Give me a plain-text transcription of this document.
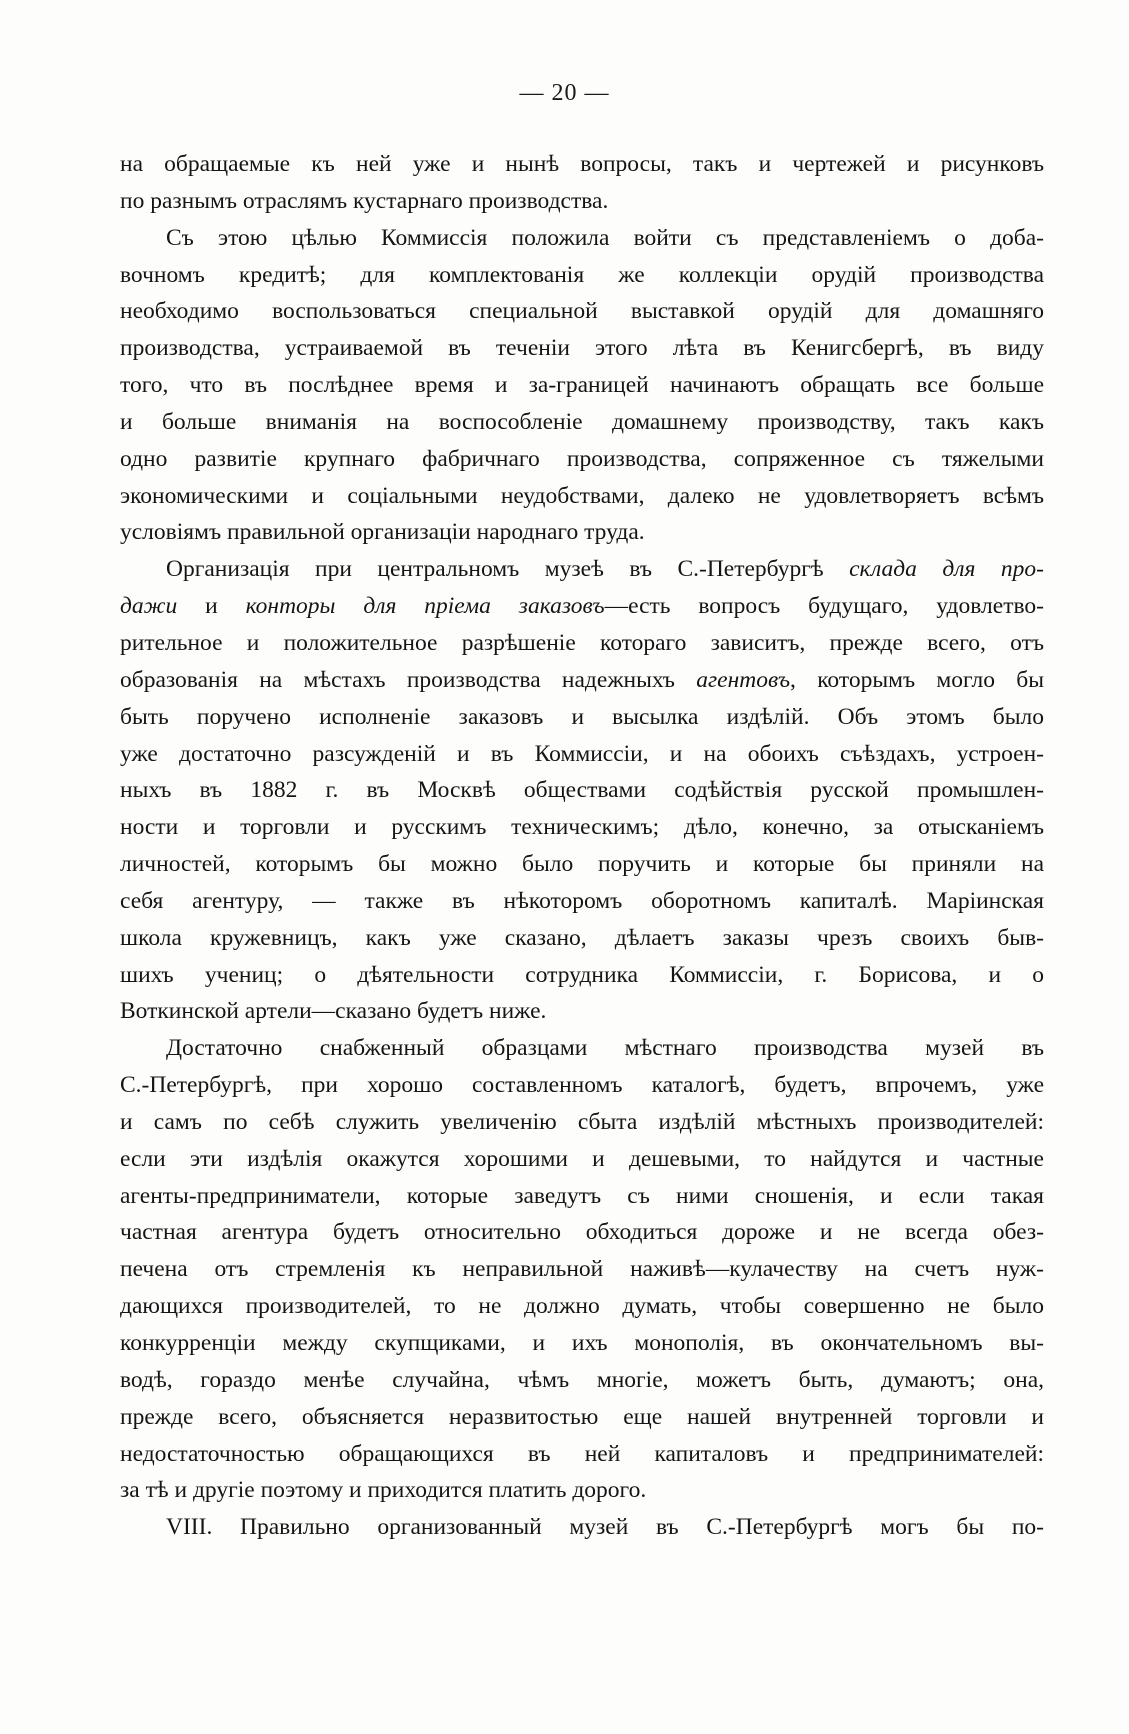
— 20 —
на обращаемые къ ней уже и нынѣ вопросы, такъ и чертежей и рисунковъ
по разнымъ отраслямъ кустарнаго производства.
Съ этою цѣлью Коммиссія положила войти съ представленіемъ о доба-
вочномъ кредитѣ; для комплектованія же коллекціи орудій производства
необходимо воспользоваться специальной выставкой орудій для домашняго
производства, устраиваемой въ теченіи этого лѣта въ Кенигсбергѣ, въ виду
того, что въ послѣднее время и за-границей начинаютъ обращать все больше
и больше вниманія на воспособленіе домашнему производству, такъ какъ
одно развитіе крупнаго фабричнаго производства, сопряженное съ тяжелыми
экономическими и соціальными неудобствами, далеко не удовлетворяетъ всѣмъ
условіямъ правильной организаціи народнаго труда.
Организація при центральномъ музеѣ въ С.-Петербургѣ склада для про-
дажи и конторы для пріема заказовъ—есть вопросъ будущаго, удовлетво-
рительное и положительное разрѣшеніе котораго зависитъ, прежде всего, отъ
образованія на мѣстахъ производства надежныхъ агентовъ, которымъ могло бы
быть поручено исполненіе заказовъ и высылка издѣлій. Объ этомъ было
уже достаточно разсужденій и въ Коммиссіи, и на обоихъ съѣздахъ, устроен-
ныхъ въ 1882 г. въ Москвѣ обществами содѣйствія русской промышлен-
ности и торговли и русскимъ техническимъ; дѣло, конечно, за отысканіемъ
личностей, которымъ бы можно было поручить и которые бы приняли на
себя агентуру, — также въ нѣкоторомъ оборотномъ капиталѣ. Маріинская
школа кружевницъ, какъ уже сказано, дѣлаетъ заказы чрезъ своихъ быв-
шихъ учениц; о дѣятельности сотрудника Коммиссіи, г. Борисова, и о
Воткинской артели—сказано будетъ ниже.
Достаточно снабженный образцами мѣстнаго производства музей въ
С.-Петербургѣ, при хорошо составленномъ каталогѣ, будетъ, впрочемъ, уже
и самъ по себѣ служить увеличенію сбыта издѣлій мѣстныхъ производителей:
если эти издѣлія окажутся хорошими и дешевыми, то найдутся и частные
агенты-предприниматели, которые заведутъ съ ними сношенія, и если такая
частная агентура будетъ относительно обходиться дороже и не всегда обез-
печена отъ стремленія къ неправильной наживѣ—кулачеству на счетъ нуж-
дающихся производителей, то не должно думать, чтобы совершенно не было
конкурренціи между скупщиками, и ихъ монополія, въ окончательномъ вы-
водѣ, гораздо менѣе случайна, чѣмъ многіе, можетъ быть, думаютъ; она,
прежде всего, объясняется неразвитостью еще нашей внутренней торговли и
недостаточностью обращающихся въ ней капиталовъ и предпринимателей:
за тѣ и другіе поэтому и приходится платить дорого.
VIII. Правильно организованный музей въ С.-Петербургѣ могъ бы по-
